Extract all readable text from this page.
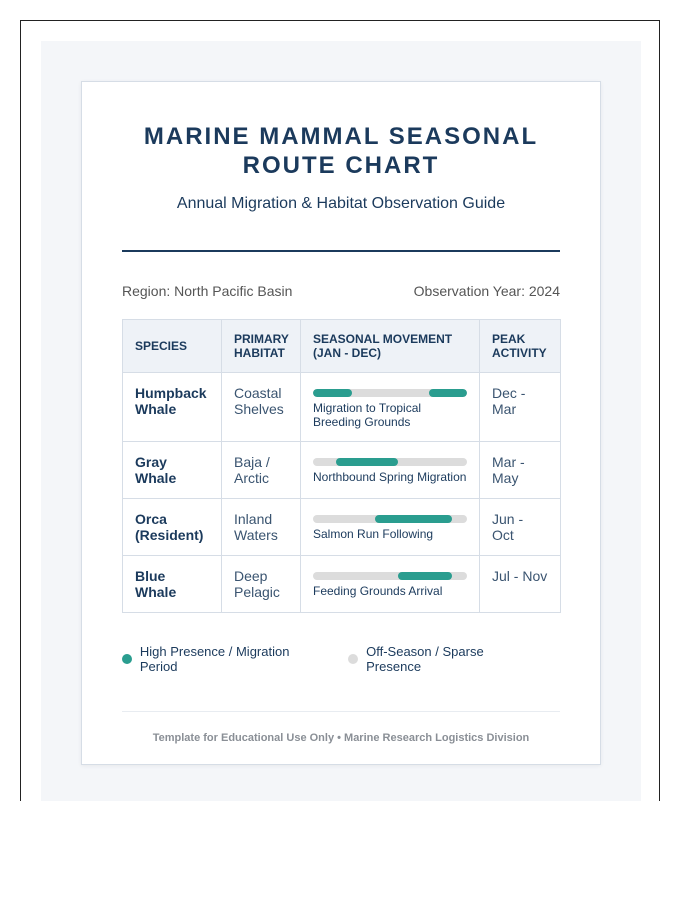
MARINE MAMMAL SEASONAL ROUTE CHART

Annual Migration & Habitat Observation Guide

Region: North Pacific Basin	Observation Year: 2024
SPECIES	PRIMARY HABITAT	SEASONAL MOVEMENT (JAN - DEC)	PEAK ACTIVITY
Humpback Whale	Coastal Shelves	Migration to Tropical Breeding Grounds	Dec - Mar
Gray Whale	Baja / Arctic	Northbound Spring Migration	Mar - May
Orca (Resident)	Inland Waters	Salmon Run Following	Jun - Oct
Blue Whale	Deep Pelagic	Feeding Grounds Arrival	Jul - Nov
High Presence / Migration Period
Off-Season / Sparse Presence
Template for Educational Use Only • Marine Research Logistics Division
